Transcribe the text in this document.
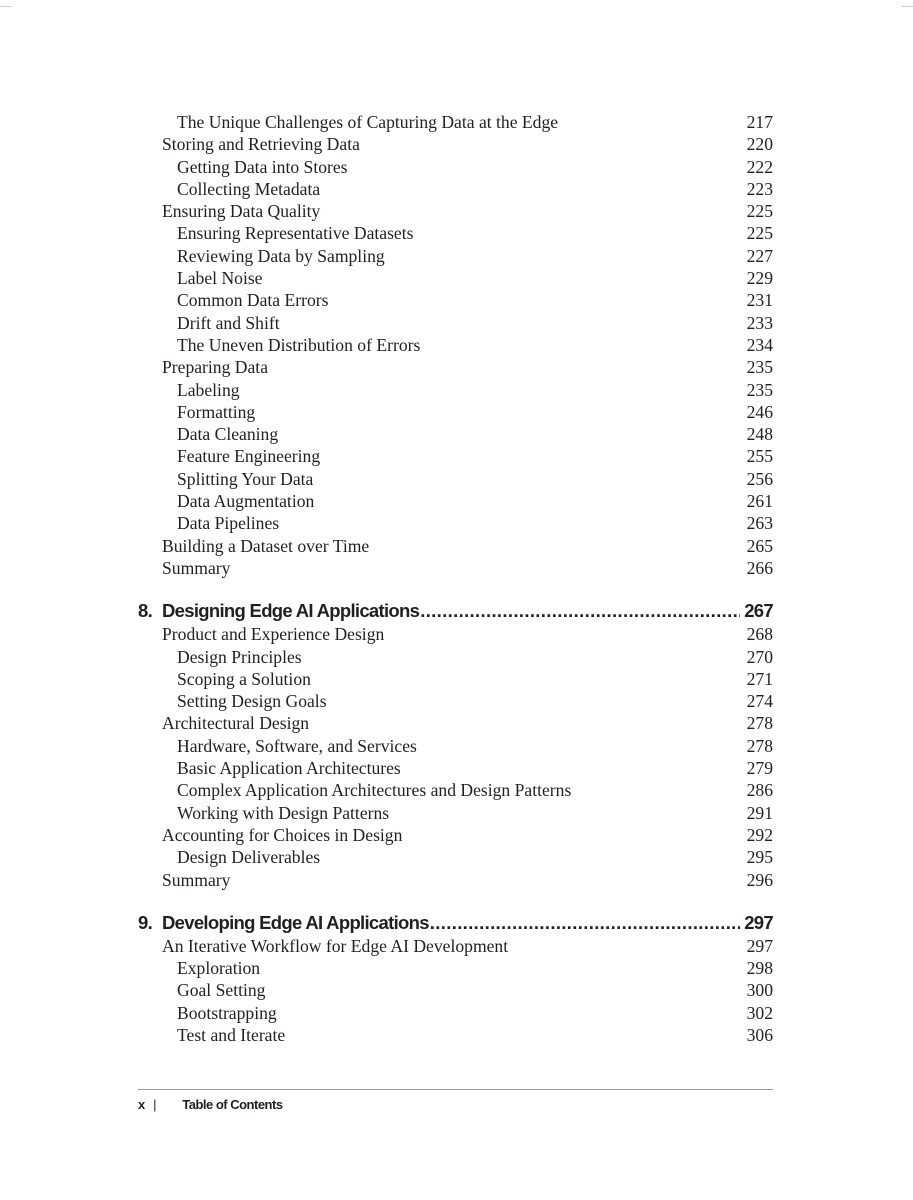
The Unique Challenges of Capturing Data at the Edge	217
Storing and Retrieving Data	220
Getting Data into Stores	222
Collecting Metadata	223
Ensuring Data Quality	225
Ensuring Representative Datasets	225
Reviewing Data by Sampling	227
Label Noise	229
Common Data Errors	231
Drift and Shift	233
The Uneven Distribution of Errors	234
Preparing Data	235
Labeling	235
Formatting	246
Data Cleaning	248
Feature Engineering	255
Splitting Your Data	256
Data Augmentation	261
Data Pipelines	263
Building a Dataset over Time	265
Summary	266
8. Designing Edge AI Applications . . .	267
Product and Experience Design	268
Design Principles	270
Scoping a Solution	271
Setting Design Goals	274
Architectural Design	278
Hardware, Software, and Services	278
Basic Application Architectures	279
Complex Application Architectures and Design Patterns	286
Working with Design Patterns	291
Accounting for Choices in Design	292
Design Deliverables	295
Summary	296
9. Developing Edge AI Applications . . .	297
An Iterative Workflow for Edge AI Development	297
Exploration	298
Goal Setting	300
Bootstrapping	302
Test and Iterate	306
x | Table of Contents
